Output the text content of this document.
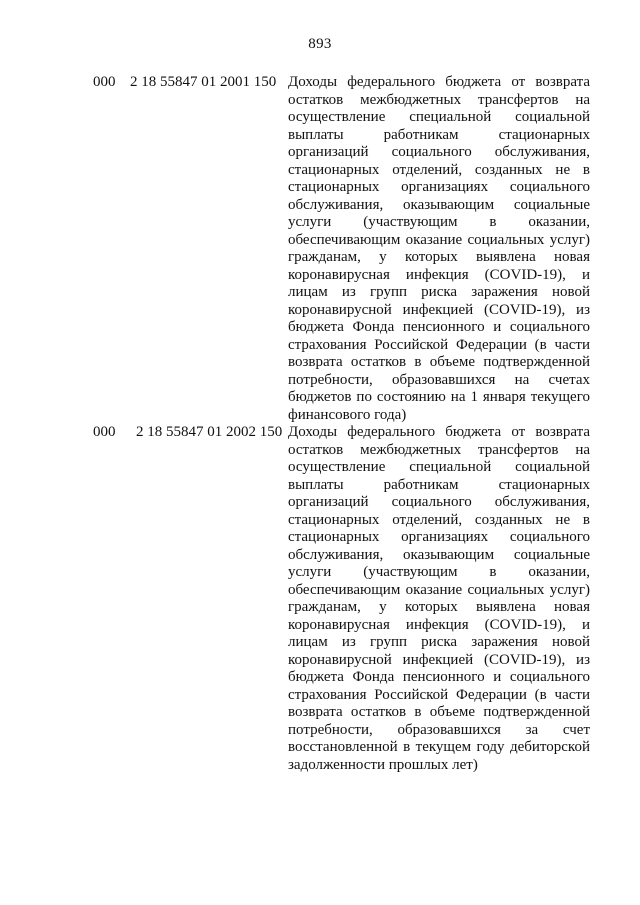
893
000 2 18 55847 01 2001 150 Доходы федерального бюджета от возврата
остатков межбюджетных трансфертов на
осуществление специальной социальной
выплаты работникам стационарных
организаций социального обслуживания,
стационарных отделений, созданных не в
стационарных организациях социального
обслуживания, оказывающим социальные
услуги (участвующим в оказании,
обеспечивающим оказание социальных услуг)
гражданам, у которых выявлена новая
коронавирусная инфекция (COVID-19), и
лицам из групп риска заражения новой
коронавирусной инфекцией (COVID-19), из
бюджета Фонда пенсионного и социального
страхования Российской Федерации (в части
возврата остатков в объеме подтвержденной
потребности, образовавшихся на счетах
бюджетов по состоянию на 1 января текущего
финансового года)
000 2 18 55847 01 2002 150 Доходы федерального бюджета от возврата
остатков межбюджетных трансфертов на
осуществление специальной социальной
выплаты работникам стационарных
организаций социального обслуживания,
стационарных отделений, созданных не в
стационарных организациях социального
обслуживания, оказывающим социальные
услуги (участвующим в оказании,
обеспечивающим оказание социальных услуг)
гражданам, у которых выявлена новая
коронавирусная инфекция (COVID-19), и
лицам из групп риска заражения новой
коронавирусной инфекцией (COVID-19), из
бюджета Фонда пенсионного и социального
страхования Российской Федерации (в части
возврата остатков в объеме подтвержденной
потребности, образовавшихся за счет
восстановленной в текущем году дебиторской
задолженности прошлых лет)
